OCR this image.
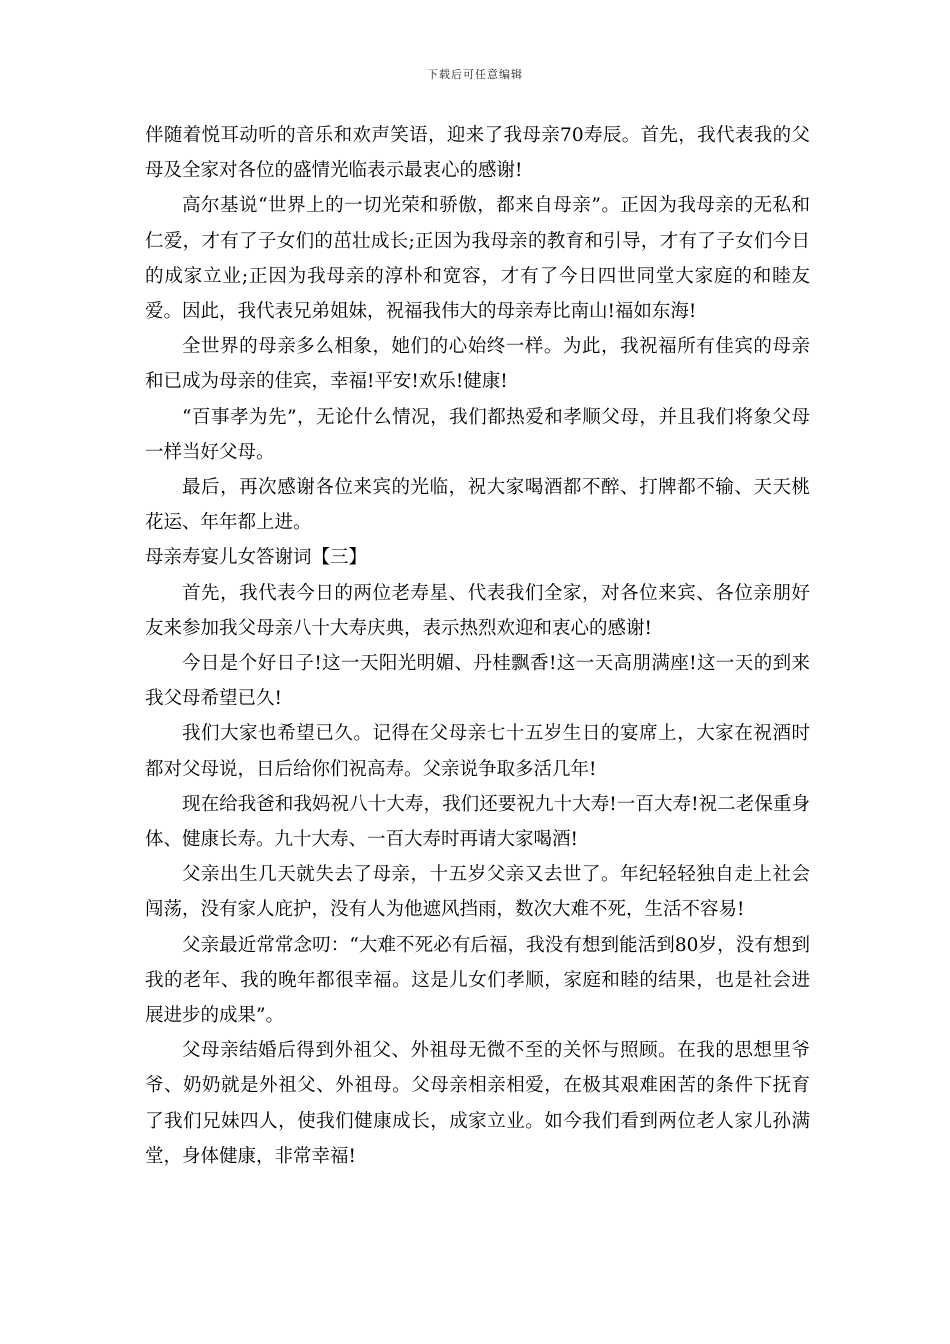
下载后可任意编辑

伴随着悦耳动听的音乐和欢声笑语，迎来了我母亲70寿辰。首先，我代表我的父母及全家对各位的盛情光临表示最衷心的感谢!

高尔基说“世界上的一切光荣和骄傲，都来自母亲”。正因为我母亲的无私和仁爱，才有了子女们的茁壮成长;正因为我母亲的教育和引导，才有了子女们今日的成家立业;正因为我母亲的淳朴和宽容，才有了今日四世同堂大家庭的和睦友爱。因此，我代表兄弟姐妹，祝福我伟大的母亲寿比南山!福如东海!

全世界的母亲多么相象，她们的心始终一样。为此，我祝福所有佳宾的母亲和已成为母亲的佳宾，幸福!平安!欢乐!健康!

“百事孝为先”，无论什么情况，我们都热爱和孝顺父母，并且我们将象父母一样当好父母。

最后，再次感谢各位来宾的光临，祝大家喝酒都不醉、打牌都不输、天天桃花运、年年都上进。

母亲寿宴儿女答谢词【三】

首先，我代表今日的两位老寿星、代表我们全家，对各位来宾、各位亲朋好友来参加我父母亲八十大寿庆典，表示热烈欢迎和衷心的感谢!

今日是个好日子!这一天阳光明媚、丹桂飘香!这一天高朋满座!这一天的到来我父母希望已久!

我们大家也希望已久。记得在父母亲七十五岁生日的宴席上，大家在祝酒时都对父母说，日后给你们祝高寿。父亲说争取多活几年!

现在给我爸和我妈祝八十大寿，我们还要祝九十大寿!一百大寿!祝二老保重身体、健康长寿。九十大寿、一百大寿时再请大家喝酒!

父亲出生几天就失去了母亲，十五岁父亲又去世了。年纪轻轻独自走上社会闯荡，没有家人庇护，没有人为他遮风挡雨，数次大难不死，生活不容易!

父亲最近常常念叨：“大难不死必有后福，我没有想到能活到80岁，没有想到我的老年、我的晚年都很幸福。这是儿女们孝顺，家庭和睦的结果，也是社会进展进步的成果”。

父母亲结婚后得到外祖父、外祖母无微不至的关怀与照顾。在我的思想里爷爷、奶奶就是外祖父、外祖母。父母亲相亲相爱，在极其艰难困苦的条件下抚育了我们兄妹四人，使我们健康成长，成家立业。如今我们看到两位老人家儿孙满堂，身体健康，非常幸福!
